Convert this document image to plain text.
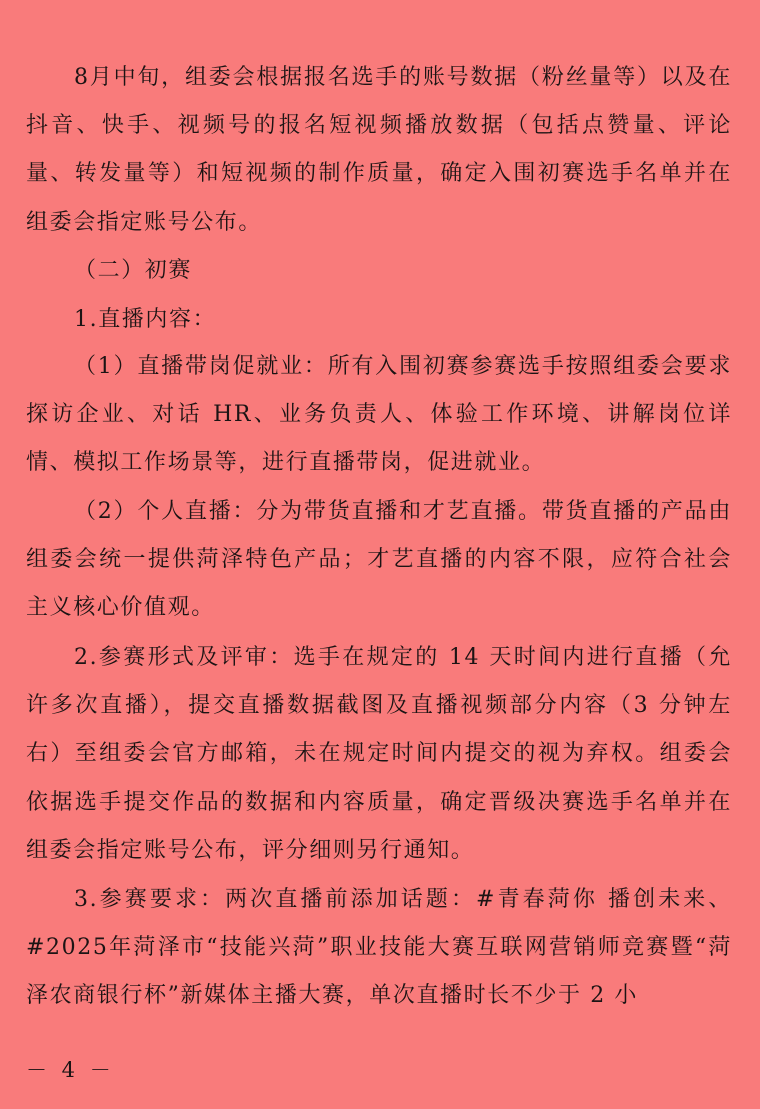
8月中旬，组委会根据报名选手的账号数据（粉丝量等）以及在抖音、快手、视频号的报名短视频播放数据（包括点赞量、评论量、转发量等）和短视频的制作质量，确定入围初赛选手名单并在组委会指定账号公布。

（二）初赛

1.直播内容：

（1）直播带岗促就业：所有入围初赛参赛选手按照组委会要求探访企业、对话 HR、业务负责人、体验工作环境、讲解岗位详情、模拟工作场景等，进行直播带岗，促进就业。

（2）个人直播：分为带货直播和才艺直播。带货直播的产品由组委会统一提供菏泽特色产品；才艺直播的内容不限，应符合社会主义核心价值观。

2.参赛形式及评审：选手在规定的 14 天时间内进行直播（允许多次直播），提交直播数据截图及直播视频部分内容（3 分钟左右）至组委会官方邮箱，未在规定时间内提交的视为弃权。组委会依据选手提交作品的数据和内容质量，确定晋级决赛选手名单并在组委会指定账号公布，评分细则另行通知。

3.参赛要求：两次直播前添加话题：#青春菏你 播创未来、#2025年菏泽市“技能兴菏”职业技能大赛互联网营销师竞赛暨“菏泽农商银行杯”新媒体主播大赛，单次直播时长不少于 2 小

－ 4 －
